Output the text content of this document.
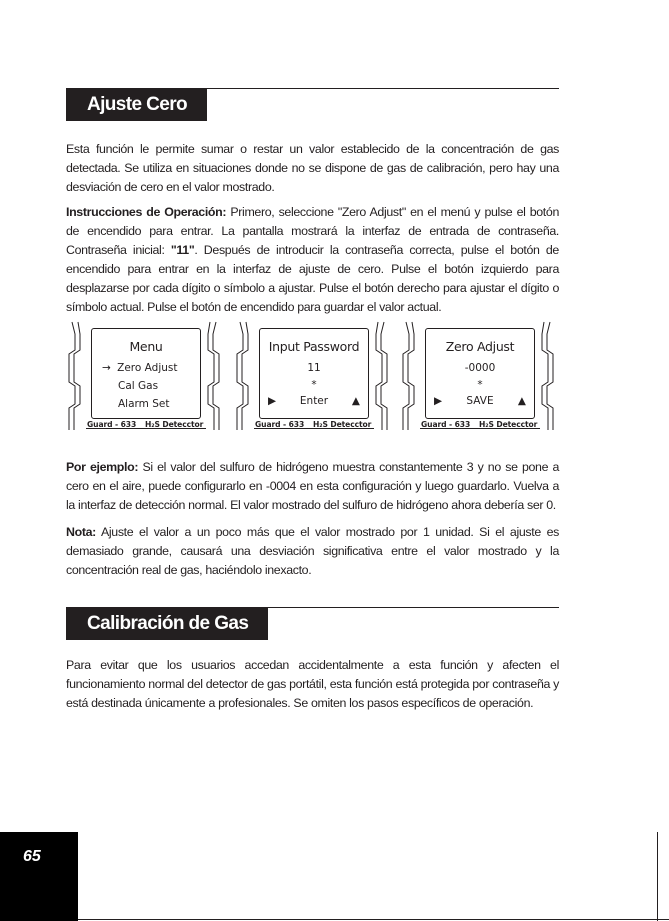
Ajuste Cero

Esta función le permite sumar o restar un valor establecido de la concentración de gas detectada. Se utiliza en situaciones donde no se dispone de gas de calibración, pero hay una desviación de cero en el valor mostrado.

Instrucciones de Operación: Primero, seleccione "Zero Adjust" en el menú y pulse el botón de encendido para entrar. La pantalla mostrará la interfaz de entrada de contraseña. Contraseña inicial: "11". Después de introducir la contraseña correcta, pulse el botón de encendido para entrar en la interfaz de ajuste de cero. Pulse el botón izquierdo para desplazarse por cada dígito o símbolo a ajustar. Pulse el botón derecho para ajustar el dígito o símbolo actual. Pulse el botón de encendido para guardar el valor actual.

Menu
→ Zero Adjust
Cal Gas
Alarm Set
Guard - 633 H₂S Detecctor
Input Password
11
*
▶	Enter	▲
Guard - 633 H₂S Detecctor
Zero Adjust
-0000
*
▶	SAVE	▲
Guard - 633 H₂S Detecctor

Por ejemplo: Si el valor del sulfuro de hidrógeno muestra constantemente 3 y no se pone a cero en el aire, puede configurarlo en -0004 en esta configuración y luego guardarlo. Vuelva a la interfaz de detección normal. El valor mostrado del sulfuro de hidrógeno ahora debería ser 0.

Nota: Ajuste el valor a un poco más que el valor mostrado por 1 unidad. Si el ajuste es demasiado grande, causará una desviación significativa entre el valor mostrado y la concentración real de gas, haciéndolo inexacto.

Calibración de Gas

Para evitar que los usuarios accedan accidentalmente a esta función y afecten el funcionamiento normal del detector de gas portátil, esta función está protegida por contraseña y está destinada únicamente a profesionales. Se omiten los pasos específicos de operación.

65
